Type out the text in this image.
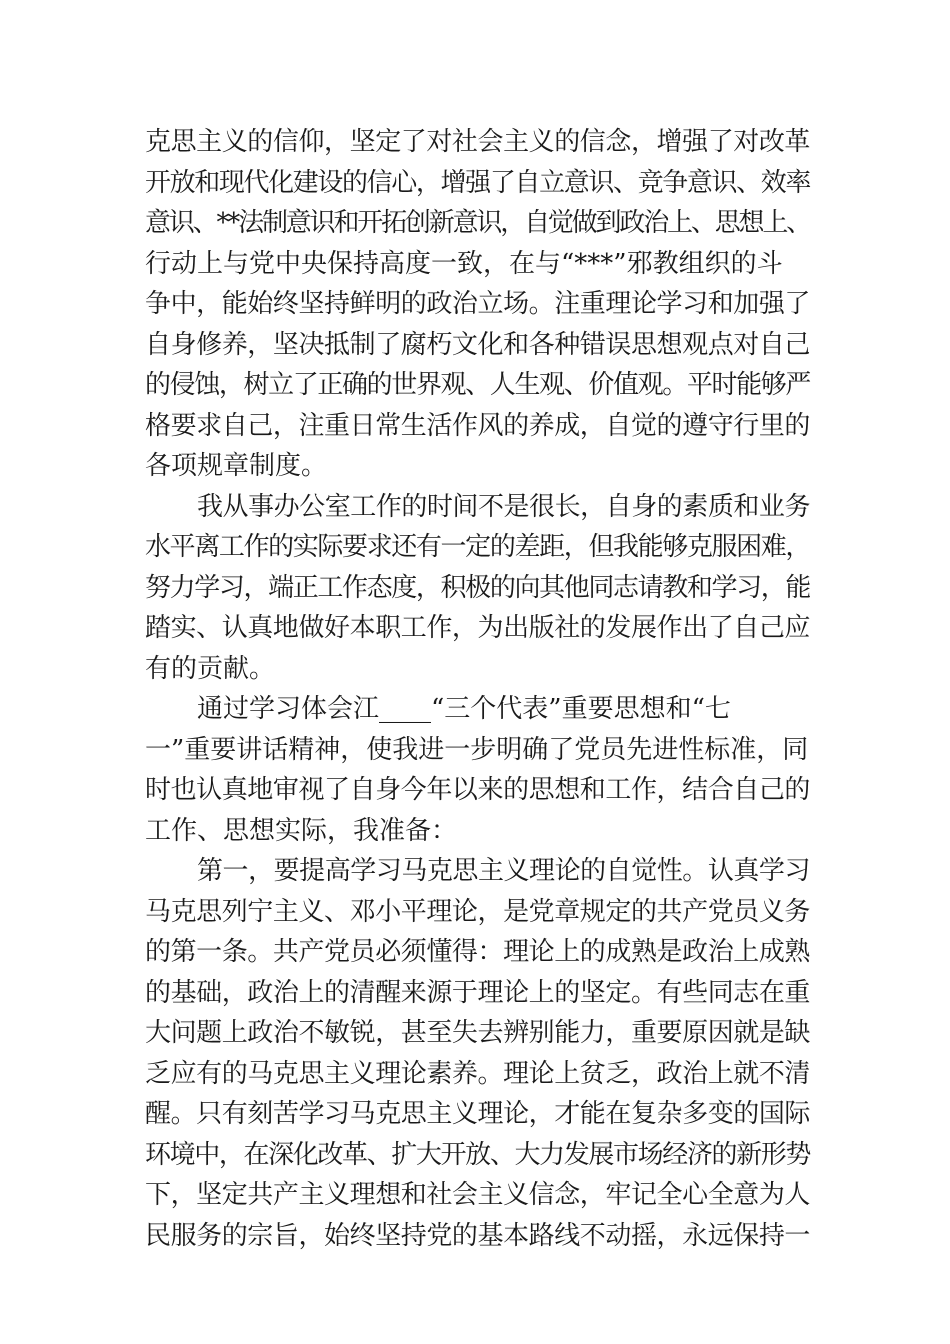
克思主义的信仰，坚定了对社会主义的信念，增强了对改革
开放和现代化建设的信心，增强了自立意识、竞争意识、效率
意识、**法制意识和开拓创新意识，自觉做到政治上、思想上、
行动上与党中央保持高度一致，在与“***”邪教组织的斗
争中，能始终坚持鲜明的政治立场。注重理论学习和加强了
自身修养，坚决抵制了腐朽文化和各种错误思想观点对自己
的侵蚀，树立了正确的世界观、人生观、价值观。平时能够严
格要求自己，注重日常生活作风的养成，自觉的遵守行里的
各项规章制度。
我从事办公室工作的时间不是很长，自身的素质和业务
水平离工作的实际要求还有一定的差距，但我能够克服困难，
努力学习，端正工作态度，积极的向其他同志请教和学习，能
踏实、认真地做好本职工作，为出版社的发展作出了自己应
有的贡献。
通过学习体会江____“三个代表”重要思想和“七
一”重要讲话精神，使我进一步明确了党员先进性标准，同
时也认真地审视了自身今年以来的思想和工作，结合自己的
工作、思想实际，我准备：
第一，要提高学习马克思主义理论的自觉性。认真学习
马克思列宁主义、邓小平理论，是党章规定的共产党员义务
的第一条。共产党员必须懂得：理论上的成熟是政治上成熟
的基础，政治上的清醒来源于理论上的坚定。有些同志在重
大问题上政治不敏锐，甚至失去辨别能力，重要原因就是缺
乏应有的马克思主义理论素养。理论上贫乏，政治上就不清
醒。只有刻苦学习马克思主义理论，才能在复杂多变的国际
环境中，在深化改革、扩大开放、大力发展市场经济的新形势
下，坚定共产主义理想和社会主义信念，牢记全心全意为人
民服务的宗旨，始终坚持党的基本路线不动摇，永远保持一
